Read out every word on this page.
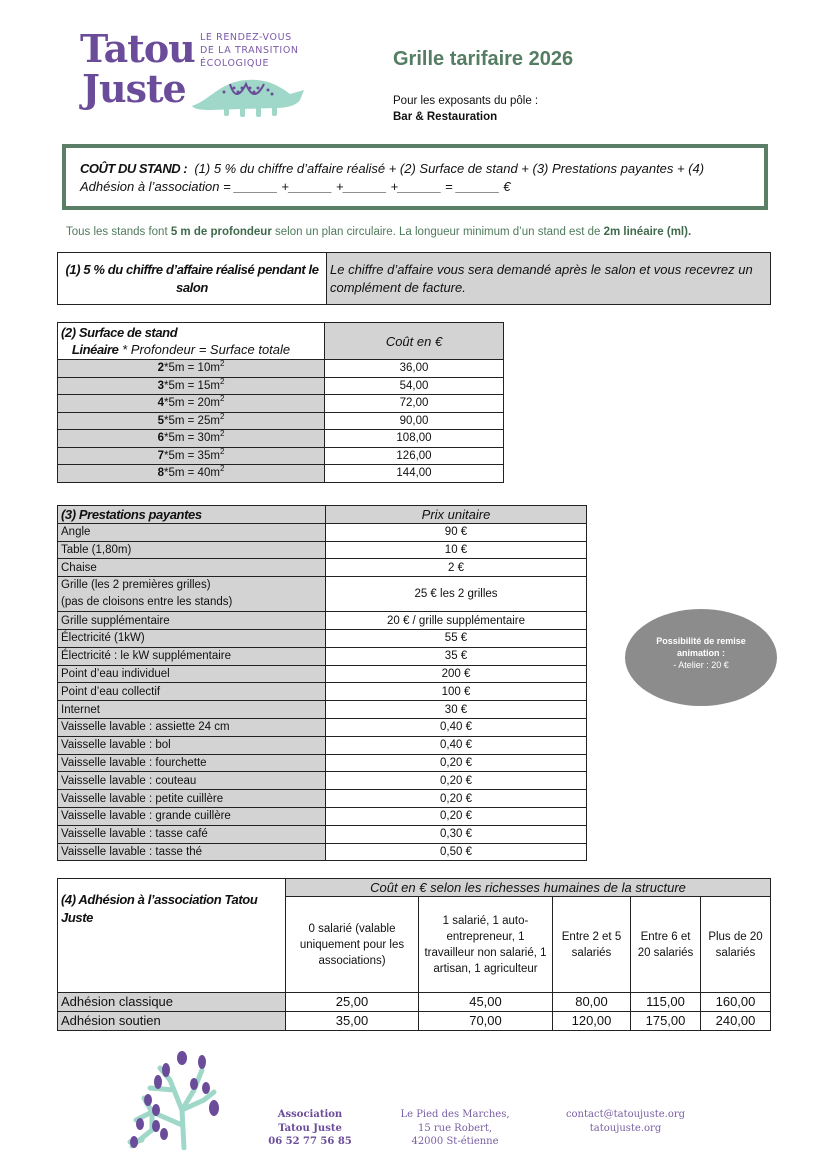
Tatou
Juste
LE RENDEZ-VOUS
DE LA TRANSITION
ÉCOLOGIQUE	Grille tarifaire 2026
Pour les exposants du pôle :
Bar & Restauration
COÛT DU STAND : (1) 5 % du chiffre d’affaire réalisé + (2) Surface de stand + (3) Prestations payantes + (4) Adhésion à l’association = ______ +______ +______ +______ = ______ €
Tous les stands font 5 m de profondeur selon un plan circulaire. La longueur minimum d’un stand est de 2m linéaire (ml).
(1) 5 % du chiffre d’affaire réalisé pendant le salon	Le chiffre d’affaire vous sera demandé après le salon et vous recevrez un complément de facture.
(2) Surface de stand
Linéaire * Profondeur = Surface totale	Coût en €
$2*5m = 10m^2$	36,00
$3*5m = 15m^2$	54,00
$4*5m = 20m^2$	72,00
$5*5m = 25m^2$	90,00
$6*5m = 30m^2$	108,00
$7*5m = 35m^2$	126,00
$8*5m = 40m^2$	144,00
(3) Prestations payantes	Prix unitaire
Angle	90 €
Table (1,80m)	10 €
Chaise	2 €

Grille (les 2 premières grilles)
(pas de cloisons entre les stands)	25 € les 2 grilles
Grille supplémentaire	20 € / grille supplémentaire
Électricité (1kW)	55 €
Électricité : le kW supplémentaire	35 €
Point d’eau individuel	200 €
Point d’eau collectif	100 €
Internet	30 €
Vaisselle lavable : assiette 24 cm	0,40 €
Vaisselle lavable : bol	0,40 €
Vaisselle lavable : fourchette	0,20 €
Vaisselle lavable : couteau	0,20 €
Vaisselle lavable : petite cuillère	0,20 €
Vaisselle lavable : grande cuillère	0,20 €
Vaisselle lavable : tasse café	0,30 €
Vaisselle lavable : tasse thé	0,50 €
Possibilité de remise
animation :
- Atelier : 20 €
(4) Adhésion à l’association Tatou Juste	Coût en € selon les richesses humaines de la structure				
	0 salarié (valable uniquement pour les associations)	1 salarié, 1 auto-entrepreneur, 1 travailleur non salarié, 1 artisan, 1 agriculteur	Entre 2 et 5 salariés	Entre 6 et 20 salariés	Plus de 20 salariés
Adhésion classique	25,00	45,00	80,00	115,00	160,00
Adhésion soutien	35,00	70,00	120,00	175,00	240,00
Association
Tatou Juste
06 52 77 56 85
Le Pied des Marches,
15 rue Robert,
42000 St-étienne
contact@tatoujuste.org
tatoujuste.org
